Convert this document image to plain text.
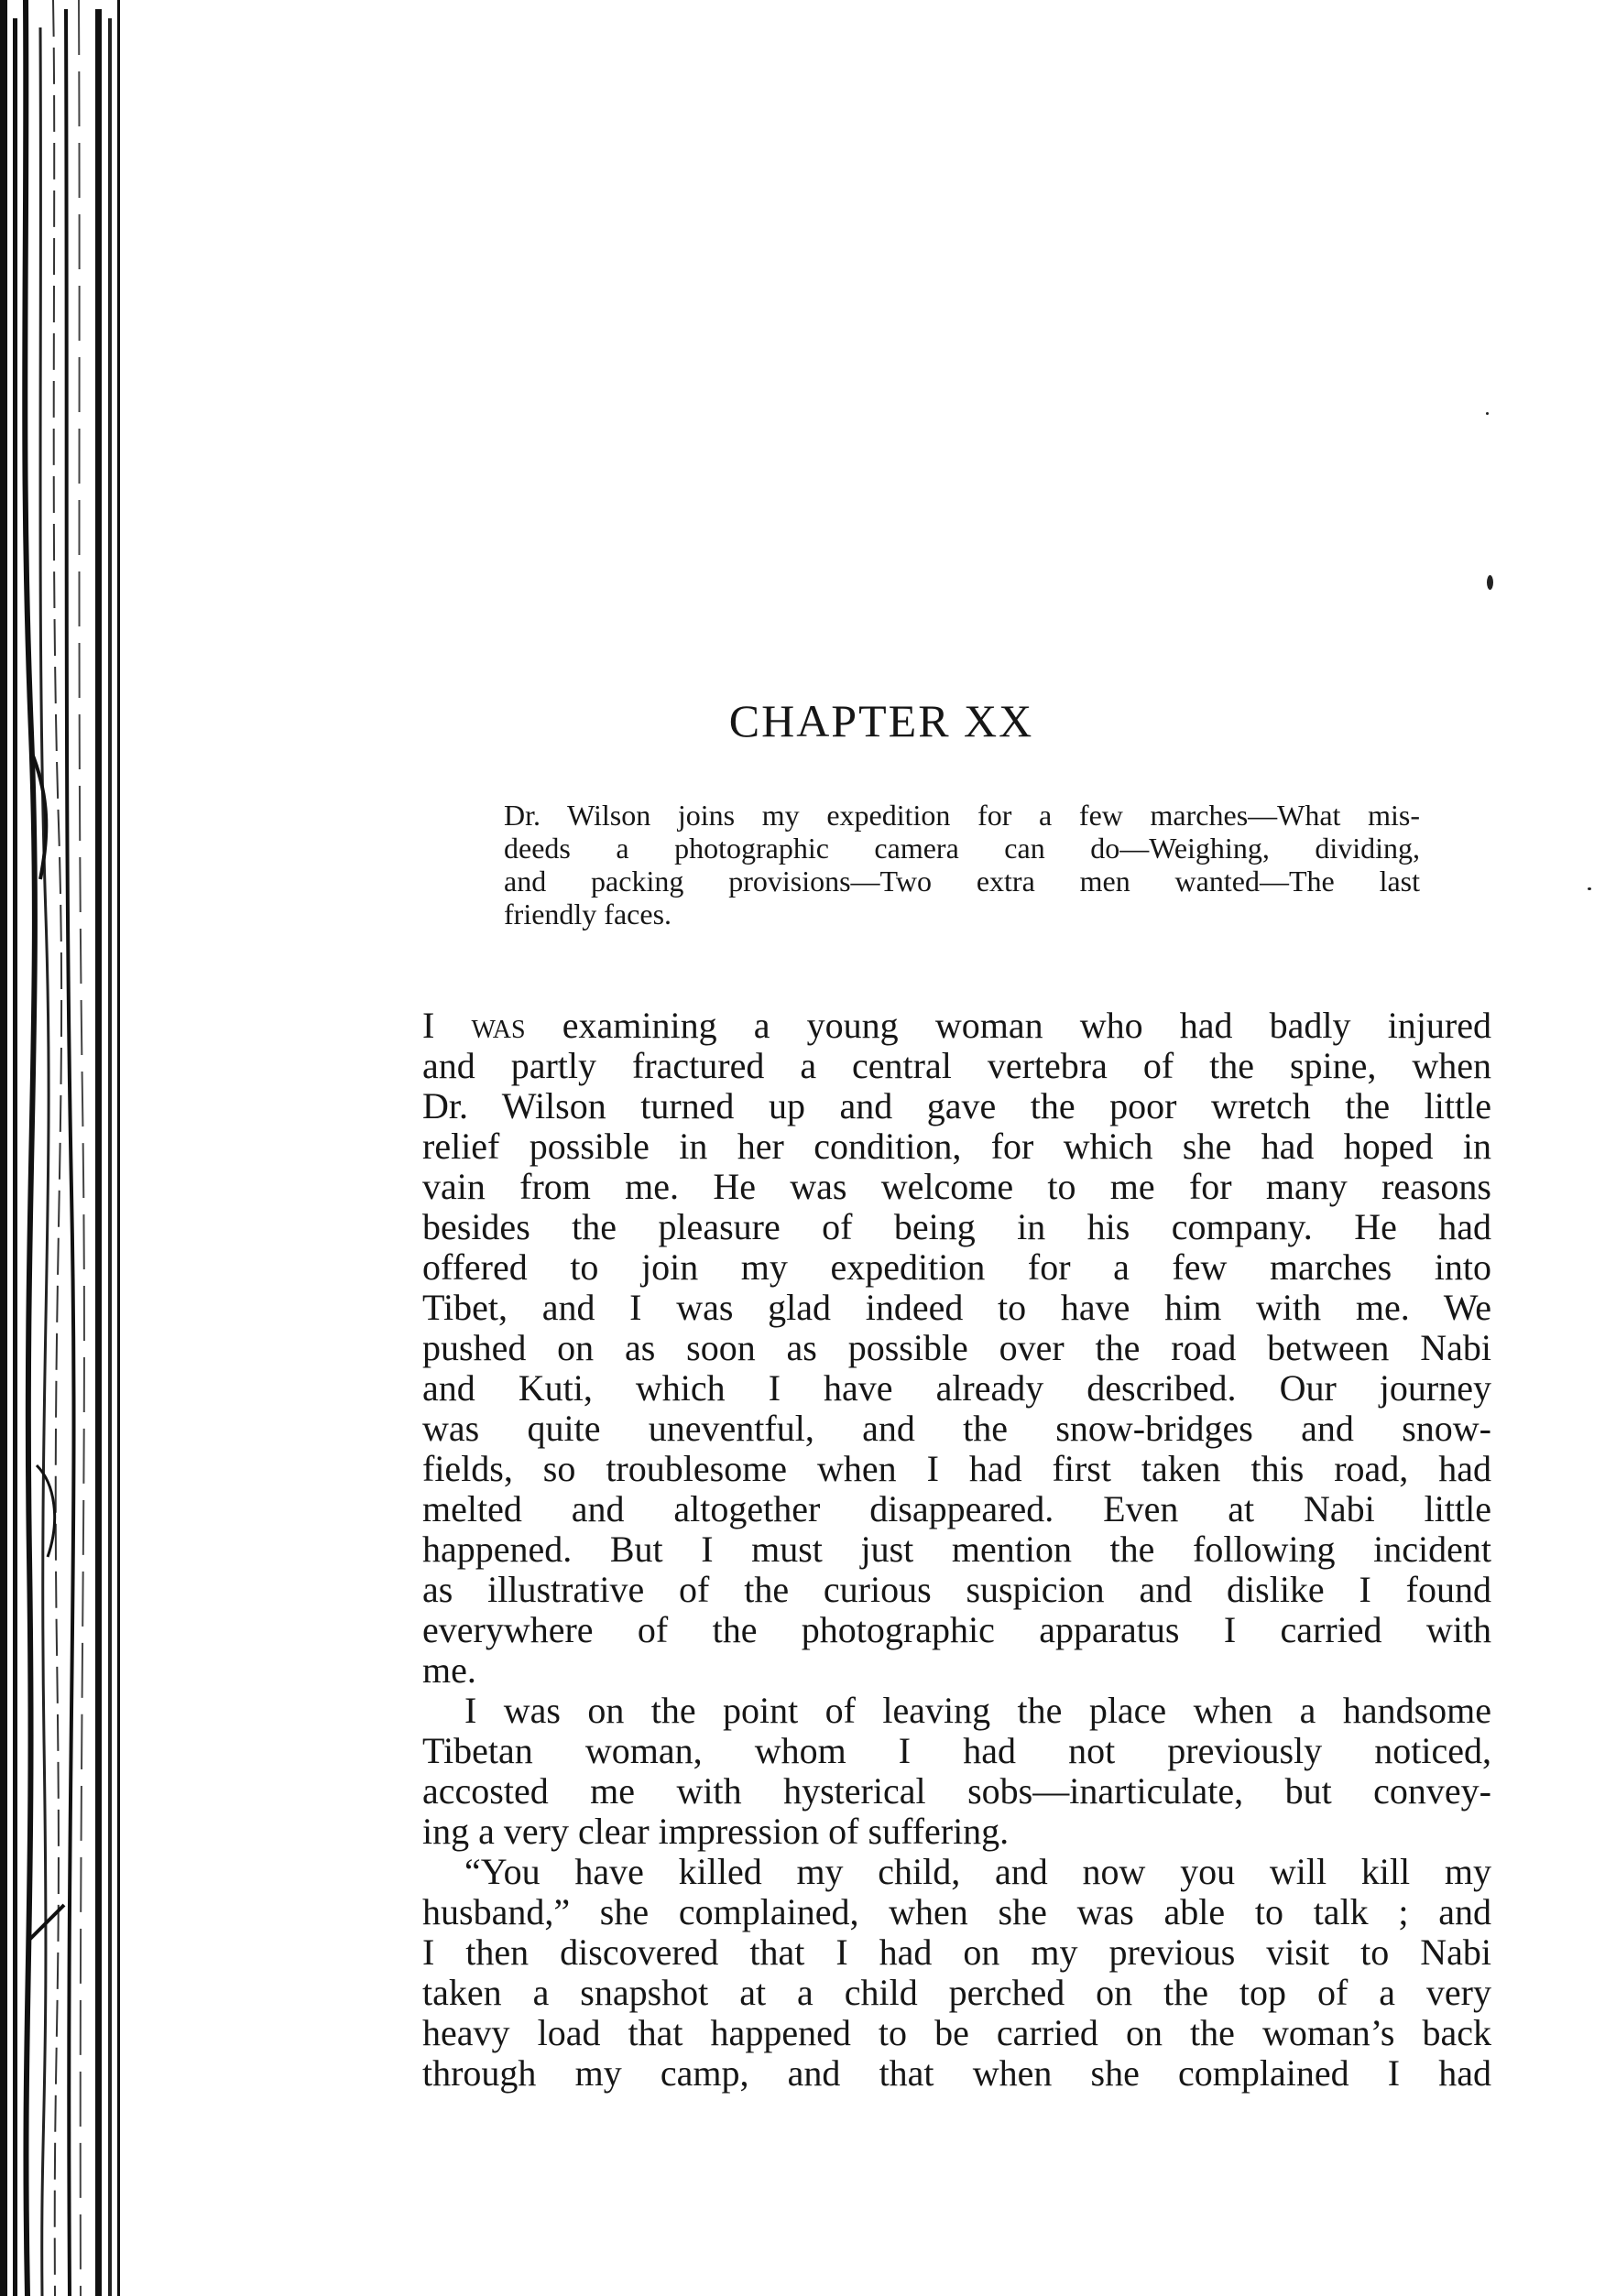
CHAPTER XX
Dr. Wilson joins my expedition for a few marches—What mis-
deeds a photographic camera can do—Weighing, dividing,
and packing provisions—Two extra men wanted—The last
friendly faces.
I was examining a young woman who had badly injured
and partly fractured a central vertebra of the spine, when
Dr. Wilson turned up and gave the poor wretch the little
relief possible in her condition, for which she had hoped in
vain from me. He was welcome to me for many reasons
besides the pleasure of being in his company. He had
offered to join my expedition for a few marches into
Tibet, and I was glad indeed to have him with me. We
pushed on as soon as possible over the road between Nabi
and Kuti, which I have already described. Our journey
was quite uneventful, and the snow-bridges and snow-
fields, so troublesome when I had first taken this road, had
melted and altogether disappeared. Even at Nabi little
happened. But I must just mention the following incident
as illustrative of the curious suspicion and dislike I found
everywhere of the photographic apparatus I carried with
me.
I was on the point of leaving the place when a handsome
Tibetan woman, whom I had not previously noticed,
accosted me with hysterical sobs—inarticulate, but convey-
ing a very clear impression of suffering.
“You have killed my child, and now you will kill my
husband,” she complained, when she was able to talk ; and
I then discovered that I had on my previous visit to Nabi
taken a snapshot at a child perched on the top of a very
heavy load that happened to be carried on the woman’s back
through my camp, and that when she complained I had
